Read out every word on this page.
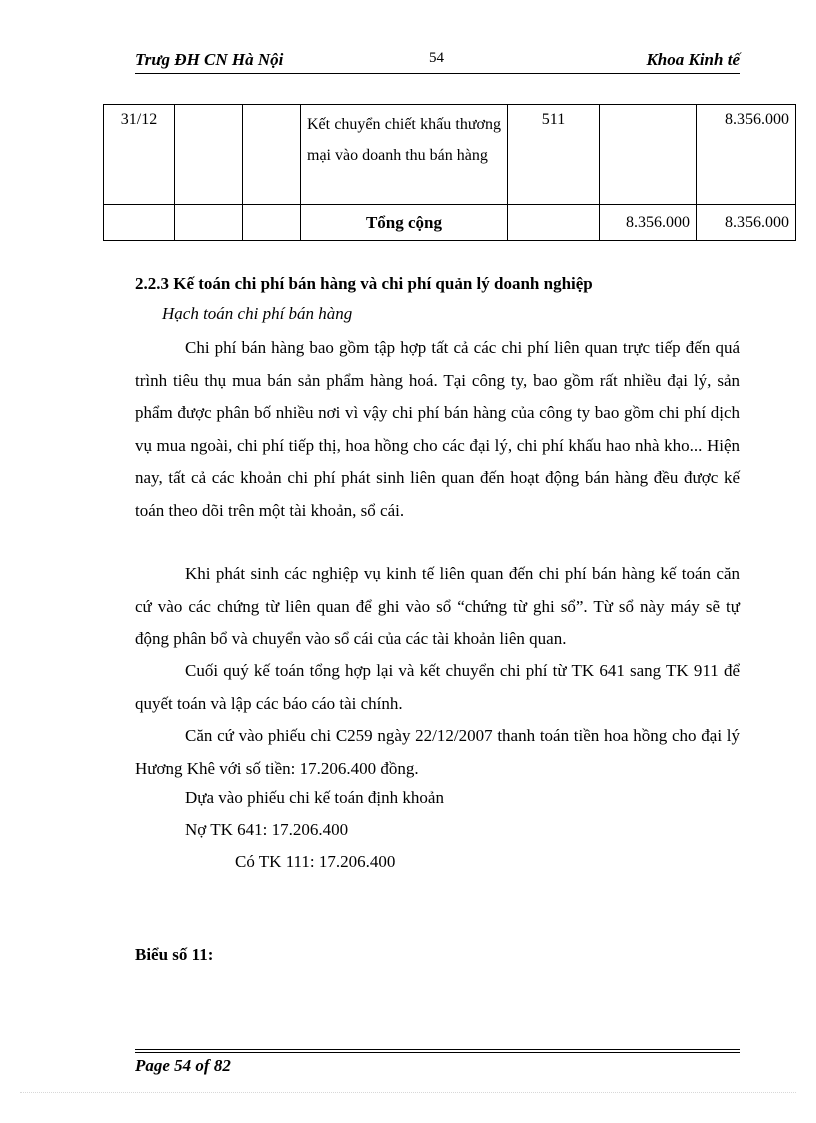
Trưg ĐH CN Hà Nội	54	Khoa Kinh tế
31/12			Kết chuyển chiết khấu thương mại vào doanh thu bán hàng	511		8.356.000
			Tổng cộng		8.356.000	8.356.000
2.2.3 Kế toán chi phí bán hàng và chi phí quản lý doanh nghiệp
Hạch toán chi phí bán hàng
Chi phí bán hàng bao gồm tập hợp tất cả các chi phí liên quan trực tiếp đến quá trình tiêu thụ mua bán sản phẩm hàng hoá. Tại công ty, bao gồm rất nhiều đại lý, sản phẩm được phân bố nhiều nơi vì vậy chi phí bán hàng của công ty bao gồm chi phí dịch vụ mua ngoài, chi phí tiếp thị, hoa hồng cho các đại lý, chi phí khấu hao nhà kho... Hiện nay, tất cả các khoản chi phí phát sinh liên quan đến hoạt động bán hàng đều được kế toán theo dõi trên một tài khoản, sổ cái.
Khi phát sinh các nghiệp vụ kinh tế liên quan đến chi phí bán hàng kế toán căn cứ vào các chứng từ liên quan để ghi vào sổ “chứng từ ghi sổ”. Từ sổ này máy sẽ tự động phân bổ và chuyển vào sổ cái của các tài khoản liên quan.
Cuối quý kế toán tổng hợp lại và kết chuyển chi phí từ TK 641 sang TK 911 để quyết toán và lập các báo cáo tài chính.
Căn cứ vào phiếu chi C259 ngày 22/12/2007 thanh toán tiền hoa hồng cho đại lý Hương Khê với số tiền: 17.206.400 đồng.
Dựa vào phiếu chi kế toán định khoản
Nợ TK 641: 17.206.400
Có TK 111: 17.206.400
Biểu số 11:
Page 54 of 82
